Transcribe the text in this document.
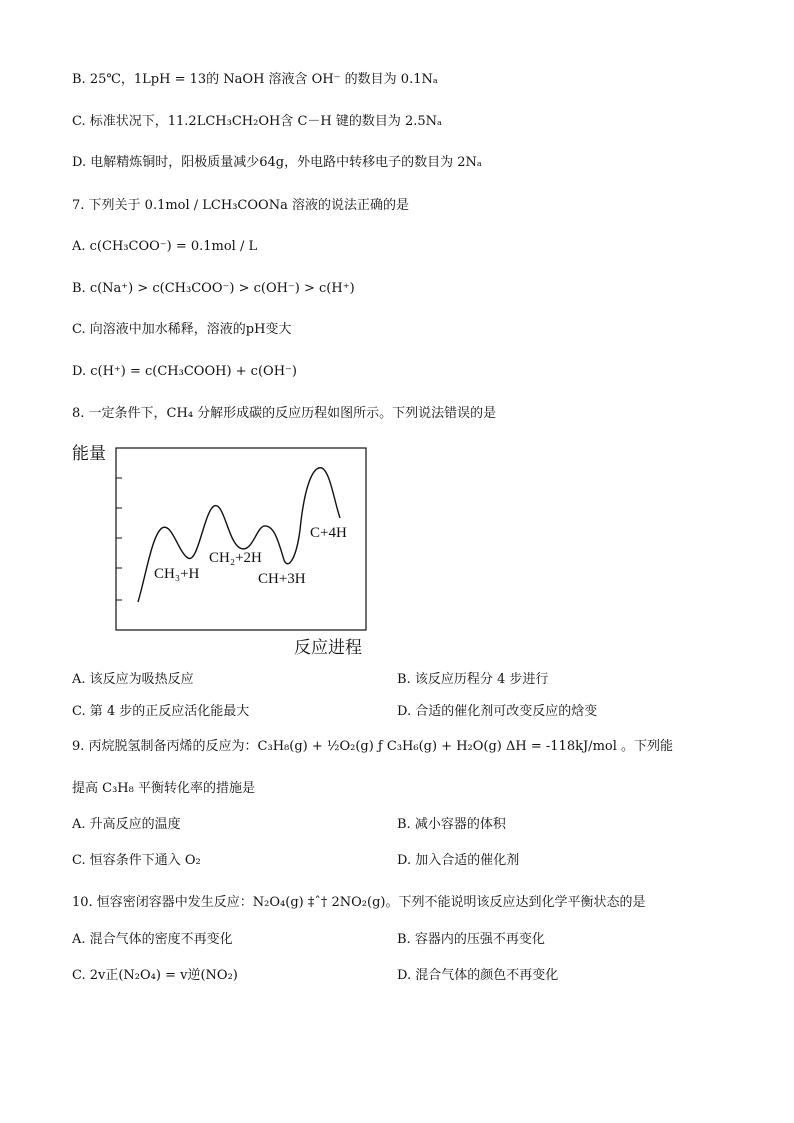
B. 25℃，1LpH = 13的 NaOH 溶液含 OH⁻ 的数目为 0.1Nₐ
C. 标准状况下，11.2LCH₃CH₂OH含 C－H 键的数目为 2.5Nₐ
D. 电解精炼铜时，阳极质量减少64g，外电路中转移电子的数目为 2Nₐ
7. 下列关于 0.1mol / LCH₃COONa 溶液的说法正确的是
A. c(CH₃COO⁻) = 0.1mol / L
B. c(Na⁺) > c(CH₃COO⁻) > c(OH⁻) > c(H⁺)
C. 向溶液中加水稀释，溶液的pH变大
D. c(H⁺) = c(CH₃COOH) + c(OH⁻)
8. 一定条件下，CH₄ 分解形成碳的反应历程如图所示。下列说法错误的是
能量
CH₃+H
CH₂+2H
CH+3H
C+4H
反应进程
A. 该反应为吸热反应	B. 该反应历程分 4 步进行
C. 第 4 步的正反应活化能最大	D. 合适的催化剂可改变反应的焓变
9. 丙烷脱氢制备丙烯的反应为：C₃H₈(g) + ½O₂(g) ƒ C₃H₆(g) + H₂O(g) ΔH = -118kJ/mol 。下列能
提高 C₃H₈ 平衡转化率的措施是
A. 升高反应的温度	B. 减小容器的体积
C. 恒容条件下通入 O₂	D. 加入合适的催化剂
10. 恒容密闭容器中发生反应：N₂O₄(g) ‡ˆ† 2NO₂(g)。下列不能说明该反应达到化学平衡状态的是
A. 混合气体的密度不再变化	B. 容器内的压强不再变化
C. 2v正(N₂O₄) = v逆(NO₂)	D. 混合气体的颜色不再变化
